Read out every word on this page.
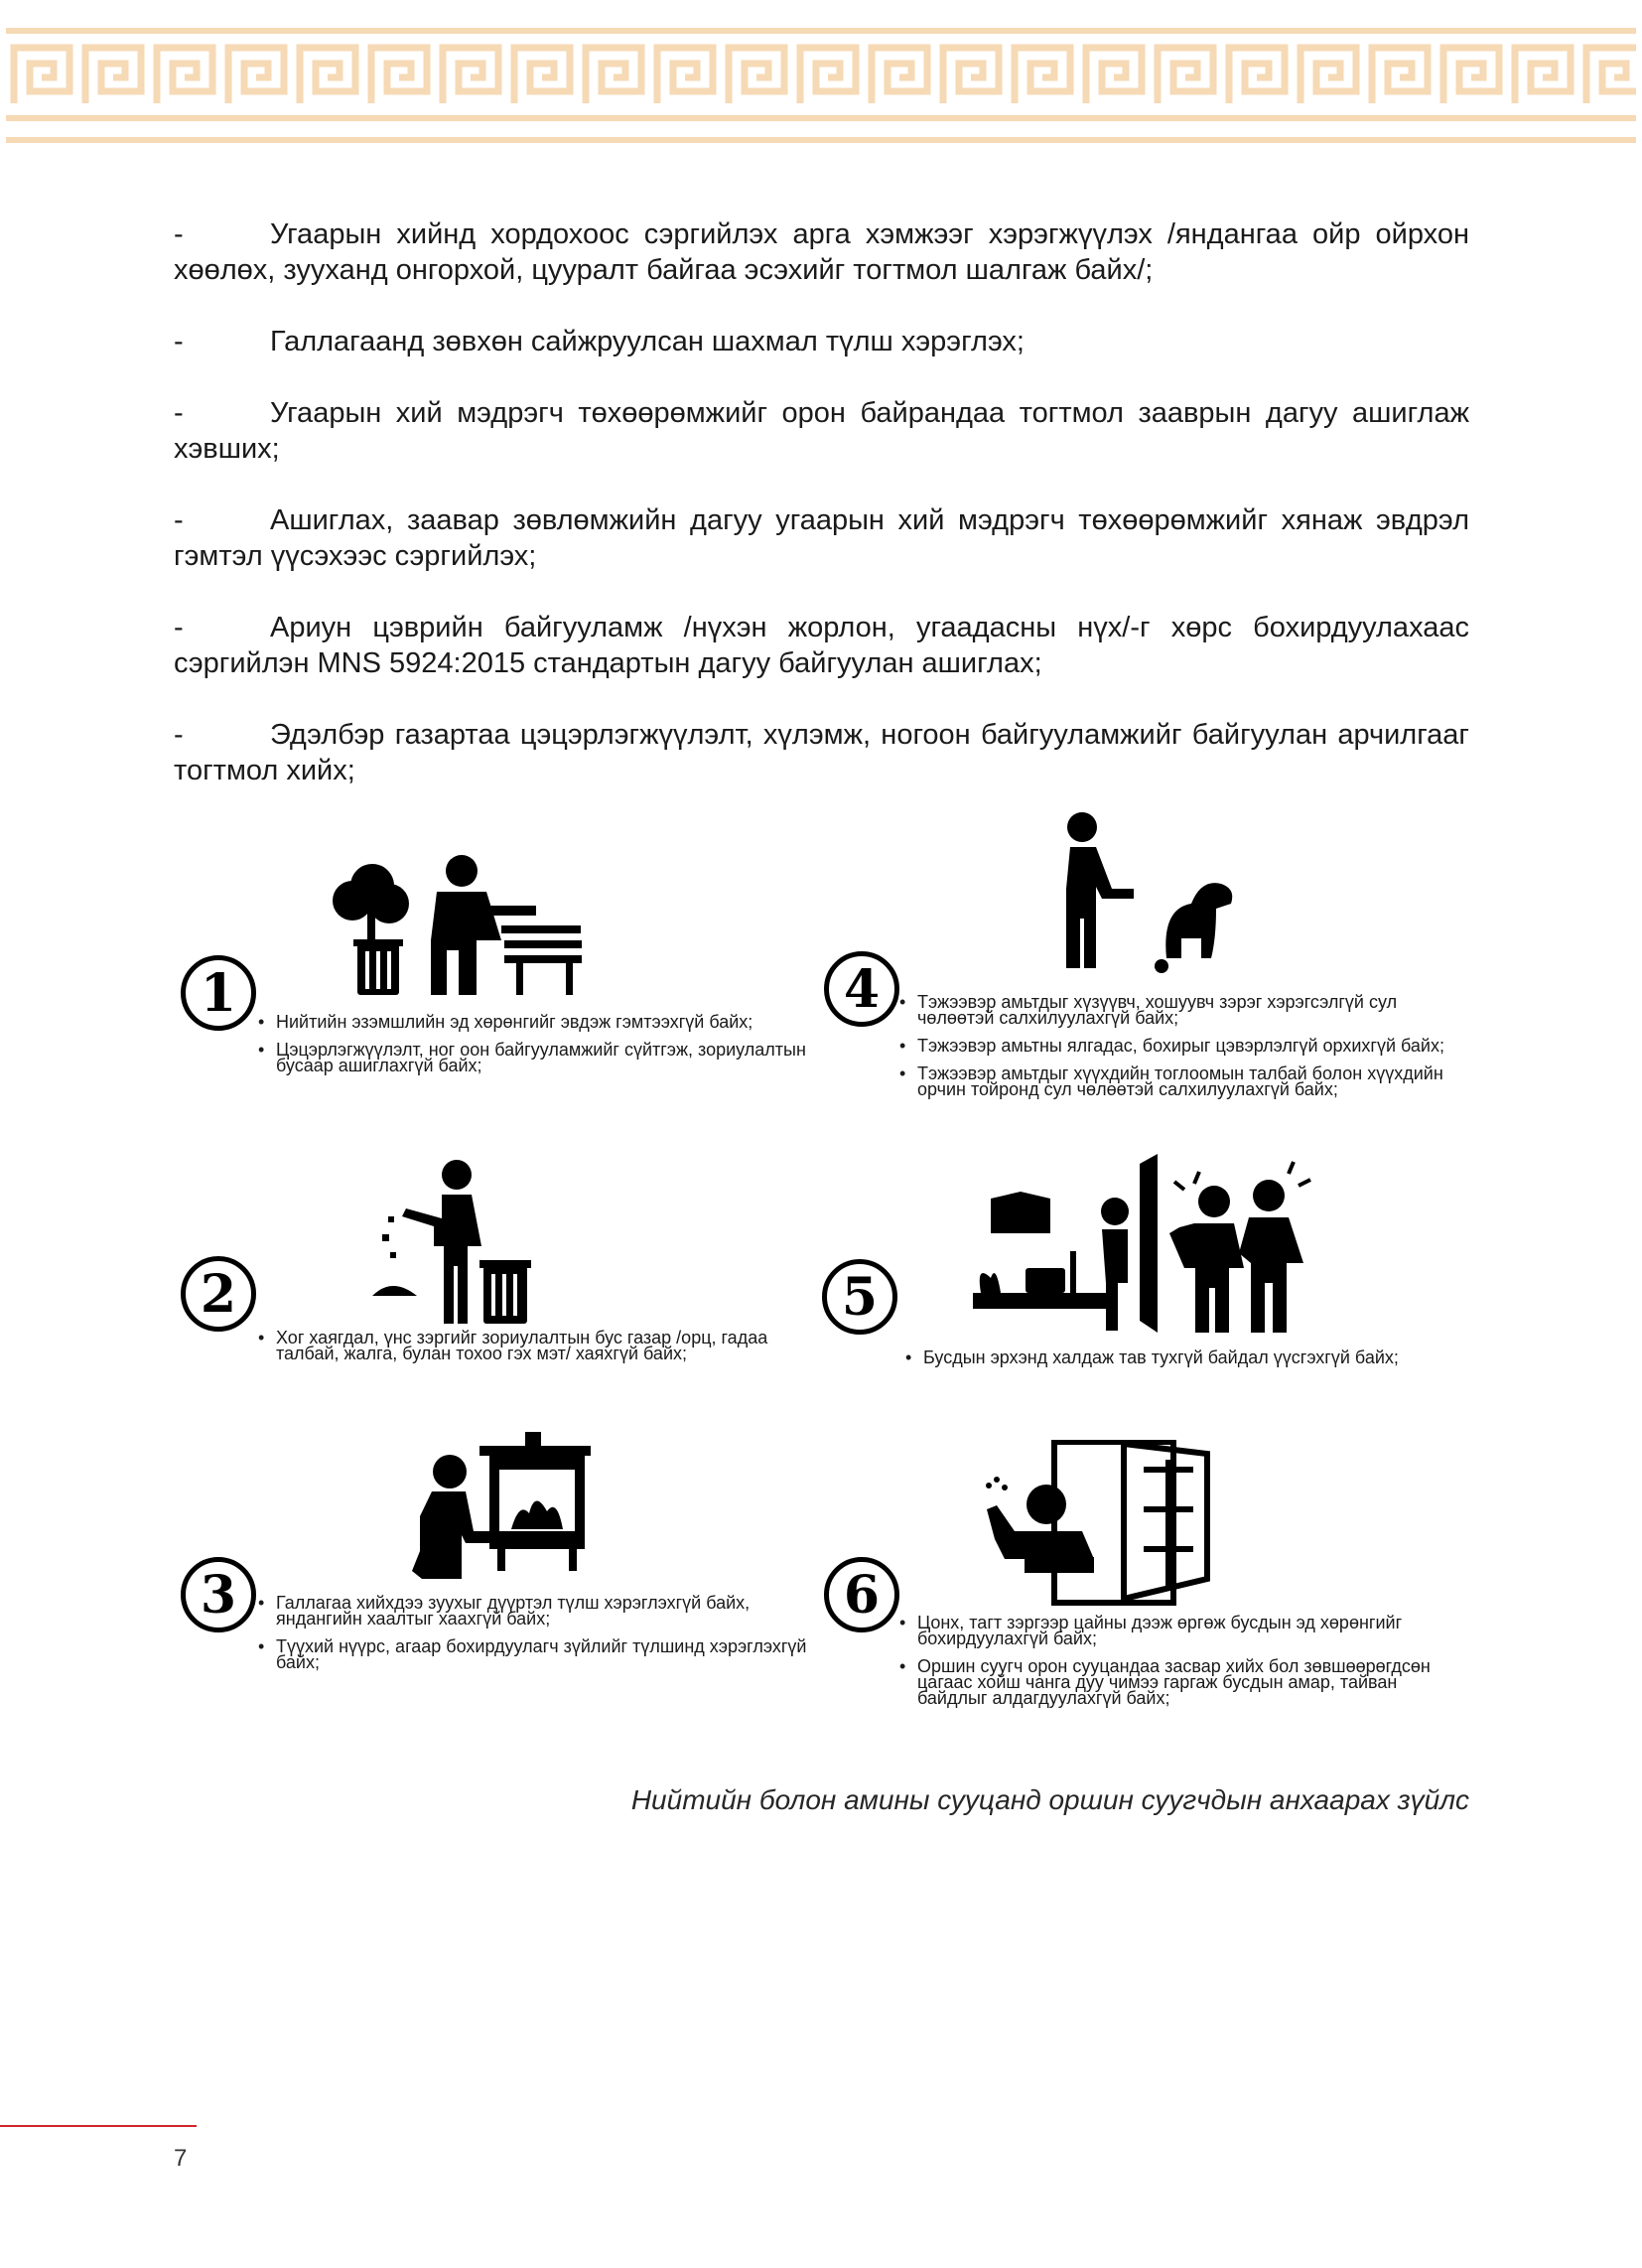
-	Угаарын хийнд хордохоос сэргийлэх арга хэмжээг хэрэгжүүлэх /яндангаа ойр ойрхон хөөлөх, зууханд онгорхой, цууралт байгаа эсэхийг тогтмол шалгаж байх/;
-	Галлагаанд зөвхөн сайжруулсан шахмал түлш хэрэглэх;
-	Угаарын хий мэдрэгч төхөөрөмжийг орон байрандаа тогтмол зааврын дагуу ашиглаж хэвших;
-	Ашиглах, заавар зөвлөмжийн дагуу угаарын хий мэдрэгч төхөөрөмжийг хянаж эвдрэл гэмтэл үүсэхээс сэргийлэх;
-	Ариун цэврийн байгууламж /нүхэн жорлон, угаадасны нүх/-г хөрс бохирдуулахаас сэргийлэн MNS 5924:2015 стандартын дагуу байгуулан ашиглах;
-	Эдэлбэр газартаа цэцэрлэгжүүлэлт, хүлэмж, ногоон байгууламжийг байгуулан арчилгааг тогтмол хийх;
1	• Нийтийн эзэмшлийн эд хөрөнгийг эвдэж гэмтээхгүй байх;
• Цэцэрлэгжүүлэлт, ног оон байгууламжийг сүйтгэж, зориулалтын бусаар ашиглахгүй байх;
4	• Тэжээвэр амьтдыг хүзүүвч, хошуувч зэрэг хэрэгсэлгүй сул чөлөөтэй салхилуулахгүй байх;
• Тэжээвэр амьтны ялгадас, бохирыг цэвэрлэлгүй орхихгүй байх;
• Тэжээвэр амьтдыг хүүхдийн тоглоомын талбай болон хүүхдийн орчин тойронд сул чөлөөтэй салхилуулахгүй байх;
2
• Хог хаягдал, үнс зэргийг зориулалтын бус газар /орц, гадаа талбай, жалга, булан тохоо гэх мэт/ хаяхгүй байх;
5
• Бусдын эрхэнд халдаж тав тухгүй байдал үүсгэхгүй байх;
3	• Галлагаа хийхдээ зуухыг дүүртэл түлш хэрэглэхгүй байх, яндангийн хаалтыг хаахгүй байх;
• Түүхий нүүрс, агаар бохирдуулагч зүйлийг түлшинд хэрэглэхгүй байх;
6	• Цонх, тагт зэргээр цайны дээж өргөж бусдын эд хөрөнгийг бохирдуулахгүй байх;
• Оршин суугч орон сууцандаа засвар хийх бол зөвшөөрөгдсөн цагаас хойш чанга дуу чимээ гаргаж бусдын амар, тайван байдлыг алдагдуулахгүй байх;
Нийтийн болон амины сууцанд оршин суугчдын анхаарах зүйлс
7
